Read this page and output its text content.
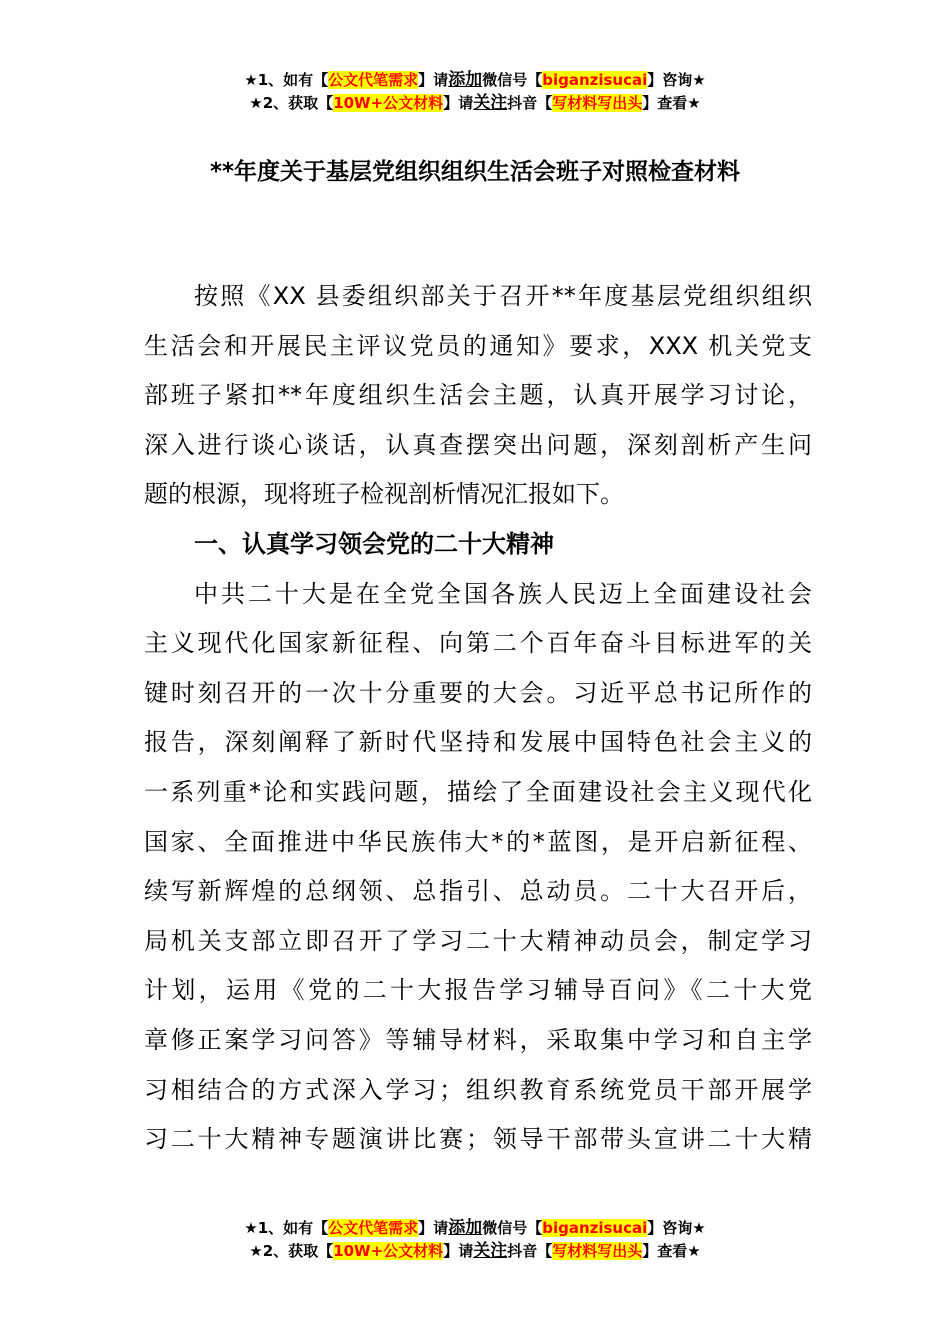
★1、如有【公文代笔需求】请添加微信号【biganzisucai】咨询★
★2、获取【10W+公文材料】请关注抖音【写材料写出头】查看★
**年度关于基层党组织组织生活会班子对照检查材料
按照《XX 县委组织部关于召开**年度基层党组织组织
生活会和开展民主评议党员的通知》要求，XXX 机关党支
部班子紧扣**年度组织生活会主题，认真开展学习讨论，
深入进行谈心谈话，认真查摆突出问题，深刻剖析产生问
题的根源，现将班子检视剖析情况汇报如下。
一、认真学习领会党的二十大精神
中共二十大是在全党全国各族人民迈上全面建设社会
主义现代化国家新征程、向第二个百年奋斗目标进军的关
键时刻召开的一次十分重要的大会。习近平总书记所作的
报告，深刻阐释了新时代坚持和发展中国特色社会主义的
一系列重*论和实践问题，描绘了全面建设社会主义现代化
国家、全面推进中华民族伟大*的*蓝图，是开启新征程、
续写新辉煌的总纲领、总指引、总动员。二十大召开后，
局机关支部立即召开了学习二十大精神动员会，制定学习
计划，运用《党的二十大报告学习辅导百问》《二十大党
章修正案学习问答》等辅导材料，采取集中学习和自主学
习相结合的方式深入学习；组织教育系统党员干部开展学
习二十大精神专题演讲比赛；领导干部带头宣讲二十大精
★1、如有【公文代笔需求】请添加微信号【biganzisucai】咨询★
★2、获取【10W+公文材料】请关注抖音【写材料写出头】查看★
